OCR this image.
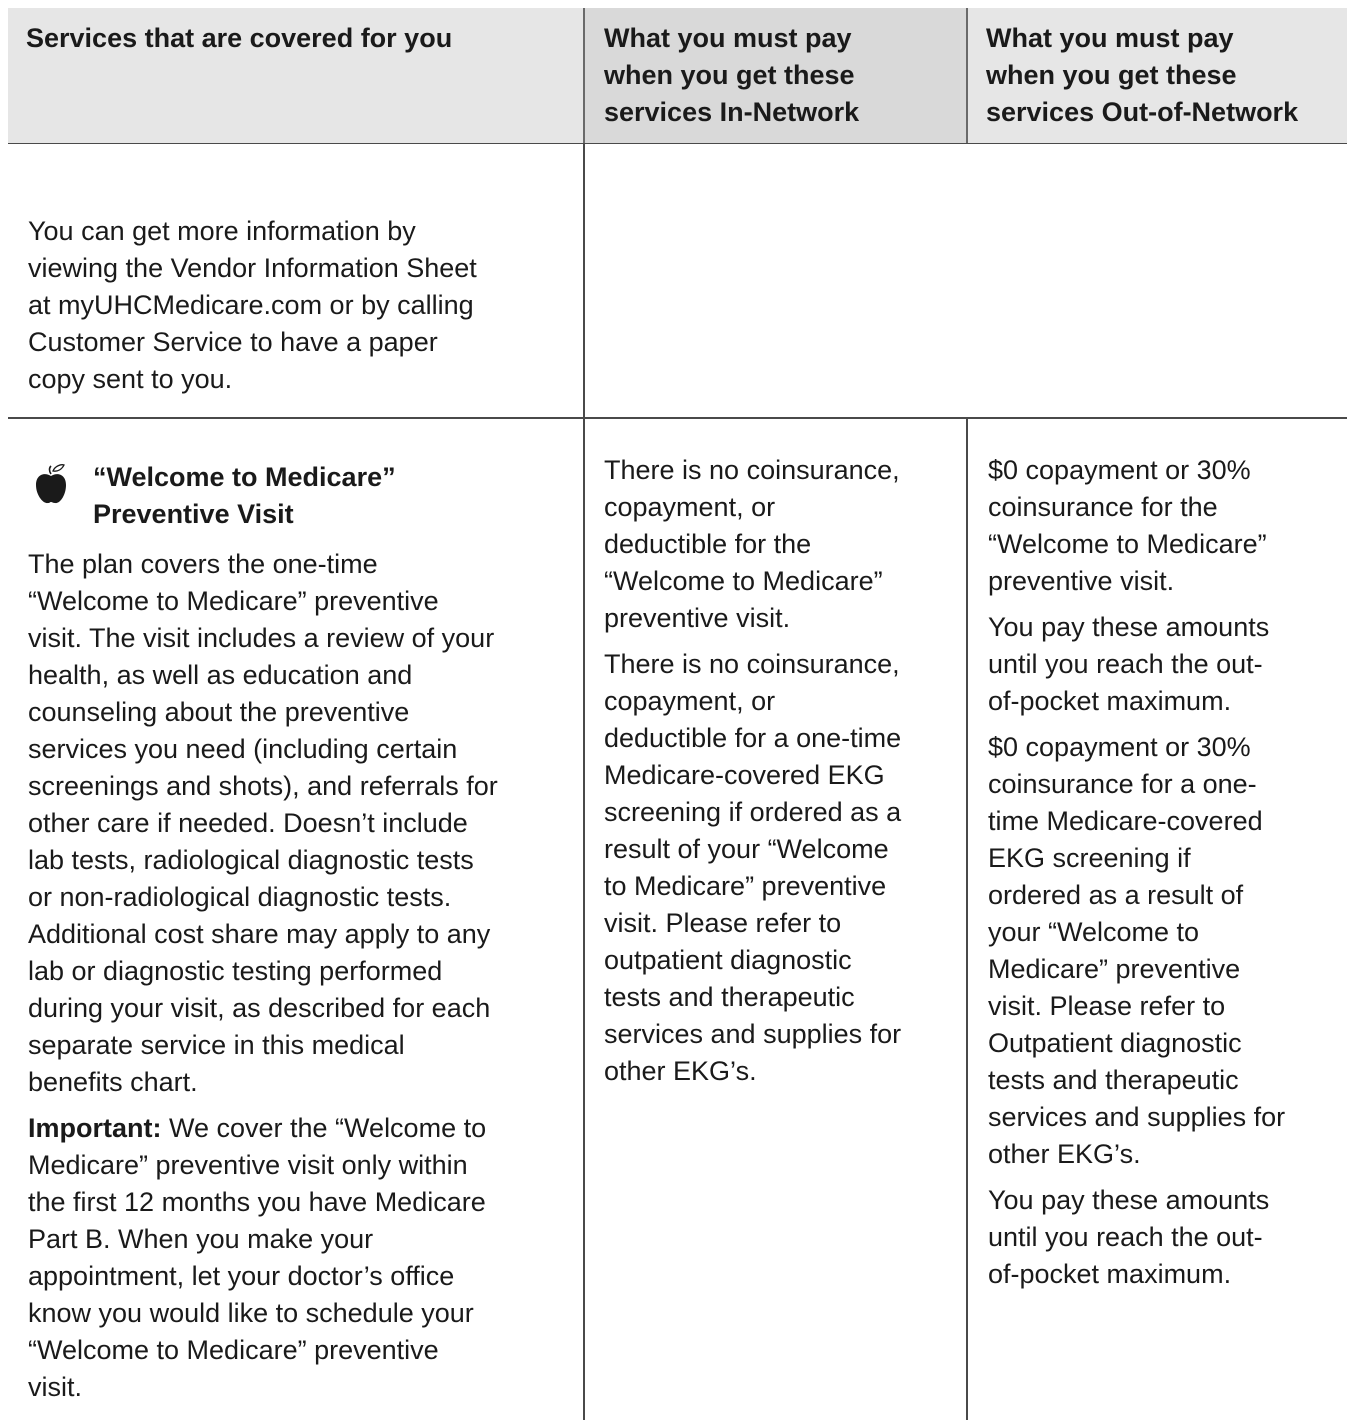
Services that are covered for you	What you must pay
when you get these
services In-Network
What you must pay
when you get these
services Out-of-Network
You can get more information by
viewing the Vendor Information Sheet
at myUHCMedicare.com or by calling
Customer Service to have a paper
copy sent to you.
“Welcome to Medicare”
Preventive Visit

The plan covers the one-time
“Welcome to Medicare” preventive
visit. The visit includes a review of your
health, as well as education and
counseling about the preventive
services you need (including certain
screenings and shots), and referrals for
other care if needed. Doesn’t include
lab tests, radiological diagnostic tests
or non-radiological diagnostic tests.
Additional cost share may apply to any
lab or diagnostic testing performed
during your visit, as described for each
separate service in this medical
benefits chart.

Important: We cover the “Welcome to
Medicare” preventive visit only within
the first 12 months you have Medicare
Part B. When you make your
appointment, let your doctor’s office
know you would like to schedule your
“Welcome to Medicare” preventive
visit.

There is no coinsurance,
copayment, or
deductible for the
“Welcome to Medicare”
preventive visit.

There is no coinsurance,
copayment, or
deductible for a one-time
Medicare-covered EKG
screening if ordered as a
result of your “Welcome
to Medicare” preventive
visit. Please refer to
outpatient diagnostic
tests and therapeutic
services and supplies for
other EKG’s.

$0 copayment or 30%
coinsurance for the
“Welcome to Medicare”
preventive visit.

You pay these amounts
until you reach the out-
of-pocket maximum.

$0 copayment or 30%
coinsurance for a one-
time Medicare-covered
EKG screening if
ordered as a result of
your “Welcome to
Medicare” preventive
visit. Please refer to
Outpatient diagnostic
tests and therapeutic
services and supplies for
other EKG’s.

You pay these amounts
until you reach the out-
of-pocket maximum.
